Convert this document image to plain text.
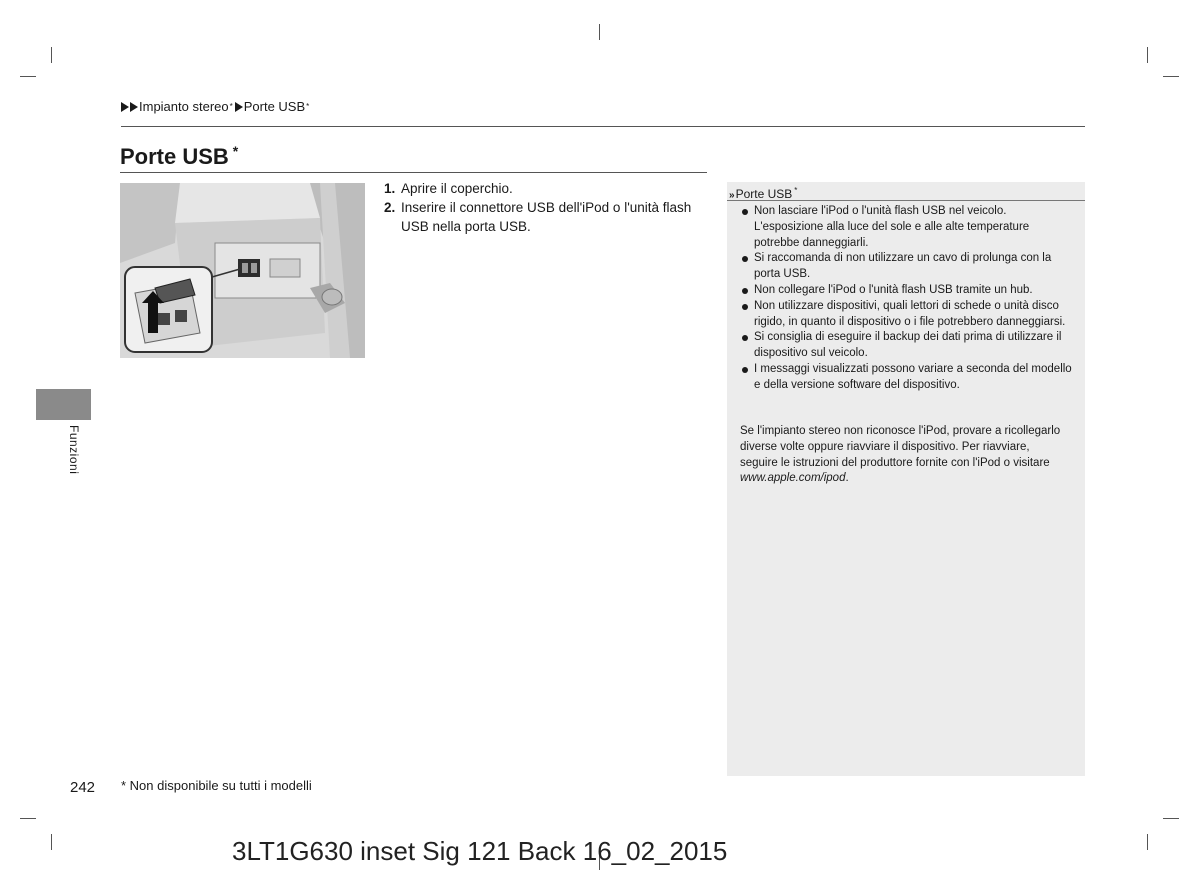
Impianto stereo * Porte USB *
Porte USB *
1. Aprire il coperchio.
2. Inserire il connettore USB dell'iPod o l'unità flash USB nella porta USB.
Funzioni
»Porte USB *
Non lasciare l'iPod o l'unità flash USB nel veicolo. L'esposizione alla luce del sole e alle alte temperature potrebbe danneggiarli.
Si raccomanda di non utilizzare un cavo di prolunga con la porta USB.
Non collegare l'iPod o l'unità flash USB tramite un hub.
Non utilizzare dispositivi, quali lettori di schede o unità disco rigido, in quanto il dispositivo o i file potrebbero danneggiarsi.
Si consiglia di eseguire il backup dei dati prima di utilizzare il dispositivo sul veicolo.
I messaggi visualizzati possono variare a seconda del modello e della versione software del dispositivo.

Se l'impianto stereo non riconosce l'iPod, provare a ricollegarlo diverse volte oppure riavviare il dispositivo. Per riavviare, seguire le istruzioni del produttore fornite con l'iPod o visitare www.apple.com/ipod.

242 * Non disponibile su tutti i modelli
3LT1G630 inset Sig 121 Back 16_02_2015
